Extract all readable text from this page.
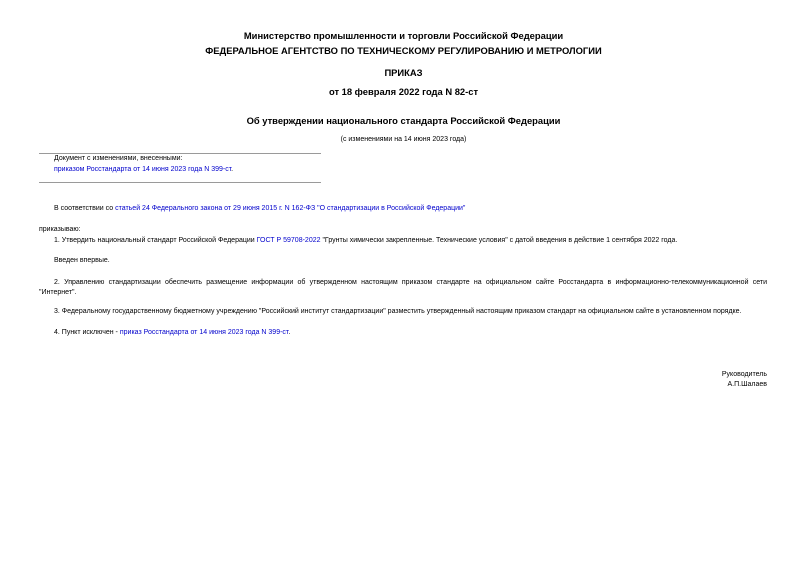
Министерство промышленности и торговли Российской Федерации
ФЕДЕРАЛЬНОЕ АГЕНТСТВО ПО ТЕХНИЧЕСКОМУ РЕГУЛИРОВАНИЮ И МЕТРОЛОГИИ
ПРИКАЗ
от 18 февраля 2022 года N 82-ст
Об утверждении национального стандарта Российской Федерации
(с изменениями на 14 июня 2023 года)
Документ с изменениями, внесенными:
приказом Росстандарта от 14 июня 2023 года N 399-ст.
В соответствии со статьей 24 Федерального закона от 29 июня 2015 г. N 162-ФЗ "О стандартизации в Российской Федерации"
приказываю:
1. Утвердить национальный стандарт Российской Федерации ГОСТ Р 59708-2022 "Грунты химически закрепленные. Технические условия" с датой введения в действие 1 сентября 2022 года.
Введен впервые.
2. Управлению стандартизации обеспечить размещение информации об утвержденном настоящим приказом стандарте на официальном сайте Росстандарта в информационно-телекоммуникационной сети "Интернет".
3. Федеральному государственному бюджетному учреждению "Российский институт стандартизации" разместить утвержденный настоящим приказом стандарт на официальном сайте в установленном порядке.
4. Пункт исключен - приказ Росстандарта от 14 июня 2023 года N 399-ст.
Руководитель
А.П.Шалаев
